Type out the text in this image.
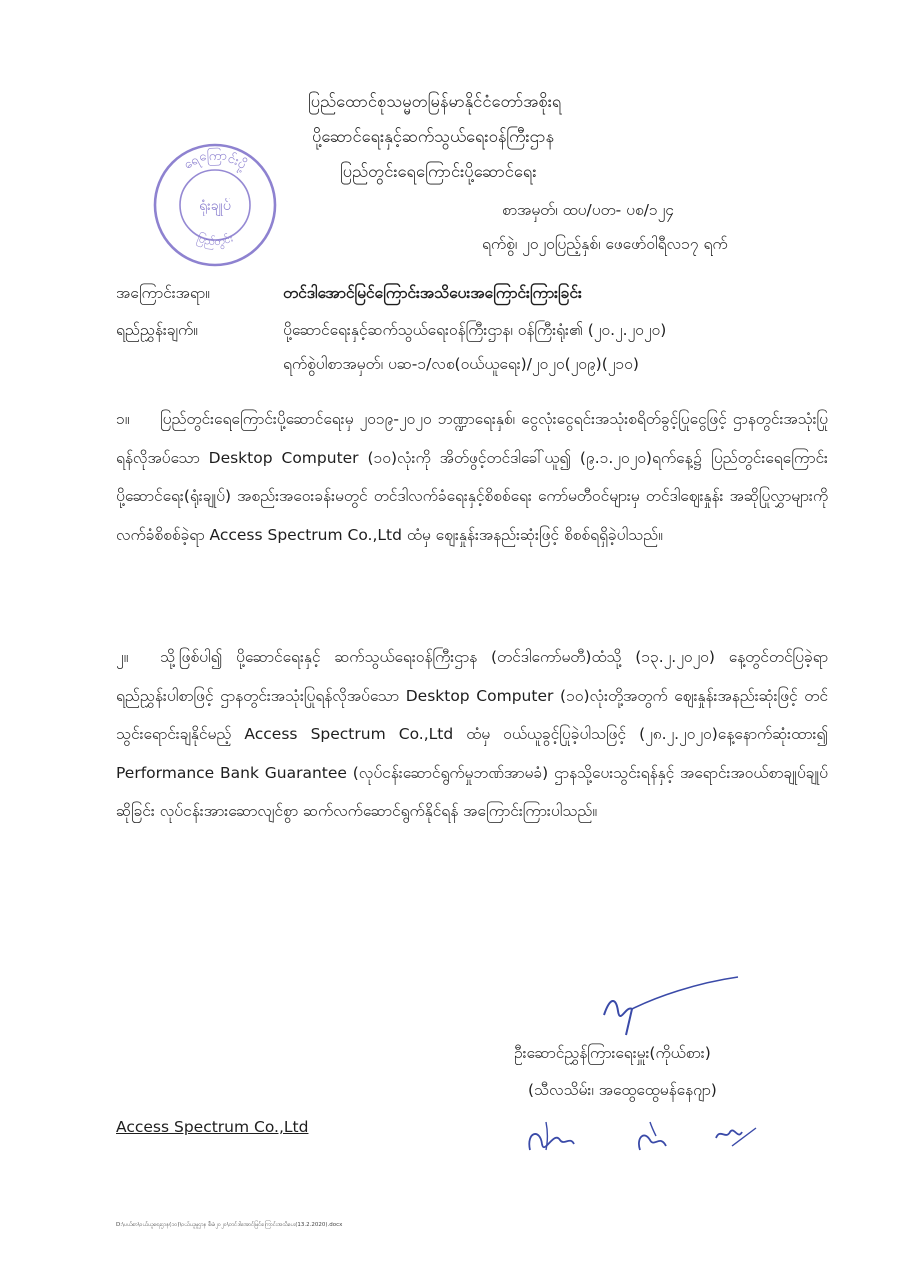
ပြည်ထောင်စုသမ္မတမြန်မာနိုင်ငံတော်အစိုးရ
ပို့ဆောင်ရေးနှင့်ဆက်သွယ်ရေးဝန်ကြီးဌာန
ပြည်တွင်းရေကြောင်းပို့ဆောင်ရေး
ရေကြောင်းပို့
ရုံးချုပ်
ပြည်တွင်း
စာအမှတ်၊ ထပ/ပတ- ပစ/၁၂၄
ရက်စွဲ၊ ၂၀၂၀ပြည့်နှစ်၊ ဖေဖော်ဝါရီလ၁၇ ရက်
အကြောင်းအရာ။	တင်ဒါအောင်မြင်ကြောင်းအသိပေးအကြောင်းကြားခြင်း
ရည်ညွှန်းချက်။	ပို့ဆောင်ရေးနှင့်ဆက်သွယ်ရေးဝန်ကြီးဌာန၊ ဝန်ကြီးရုံး၏ (၂၀.၂.၂၀၂၀)
ရက်စွဲပါစာအမှတ်၊ ပဆ-၁/လစ(ဝယ်ယူရေး)/၂၀၂၀(၂၀၉)(၂၁၀)
၁။ ပြည်တွင်းရေကြောင်းပို့ဆောင်ရေးမှ ၂၀၁၉-၂၀၂၀ ဘဏ္ဍာရေးနှစ်၊ ငွေလုံးငွေရင်းအသုံးစရိတ်ခွင့်ပြုငွေဖြင့် ဌာနတွင်းအသုံးပြုရန်လိုအပ်သော Desktop Computer (၁၀)လုံးကို အိတ်ဖွင့်တင်ဒါခေါ်ယူ၍ (၉.၁.၂၀၂၀)ရက်နေ့၌ ပြည်တွင်းရေကြောင်းပို့ဆောင်ရေး(ရုံးချုပ်) အစည်းအဝေးခန်းမတွင် တင်ဒါလက်ခံရေးနှင့်စိစစ်ရေး ကော်မတီဝင်များမှ တင်ဒါဈေးနှုန်း အဆိုပြုလွှာများကို လက်ခံစိစစ်ခဲ့ရာ Access Spectrum Co.,Ltd ထံမှ ဈေးနှုန်းအနည်းဆုံးဖြင့် စိစစ်ရရှိခဲ့ပါသည်။
၂။ သို့ဖြစ်ပါ၍ ပို့ဆောင်ရေးနှင့် ဆက်သွယ်ရေးဝန်ကြီးဌာန (တင်ဒါကော်မတီ)ထံသို့ (၁၃.၂.၂၀၂၀) နေ့တွင်တင်ပြခဲ့ရာရည်ညွှန်းပါစာဖြင့် ဌာနတွင်းအသုံးပြုရန်လိုအပ်သော Desktop Computer (၁၀)လုံးတို့အတွက် ဈေးနှုန်းအနည်းဆုံးဖြင့် တင်သွင်းရောင်းချနိုင်မည့် Access Spectrum Co.,Ltd ထံမှ ဝယ်ယူခွင့်ပြုခဲ့ပါသဖြင့် (၂၈.၂.၂၀၂၀)နေ့နောက်ဆုံးထား၍ Performance Bank Guarantee (လုပ်ငန်းဆောင်ရွက်မှုဘဏ်အာမခံ) ဌာနသို့ပေးသွင်းရန်နှင့် အရောင်းအဝယ်စာချုပ်ချုပ်ဆိုခြင်း လုပ်ငန်းအားဆောလျင်စွာ ဆက်လက်ဆောင်ရွက်နိုင်ရန် အကြောင်းကြားပါသည်။
ဦးဆောင်ညွှန်ကြားရေးမှူး(ကိုယ်စား)
(သီလသိမ်း၊ အထွေထွေမန်နေဂျာ)
Access Spectrum Co.,Ltd
D:\ပယ်စာ\ဝယ်ယူရေးဌာန(၁၀)\ဝယ်ယူမှုဌာန စီမံ၊၂၀၂၀\တင်ဒါအောင်မြင်ကြောင်းအသိပေး(13.2.2020).docx
